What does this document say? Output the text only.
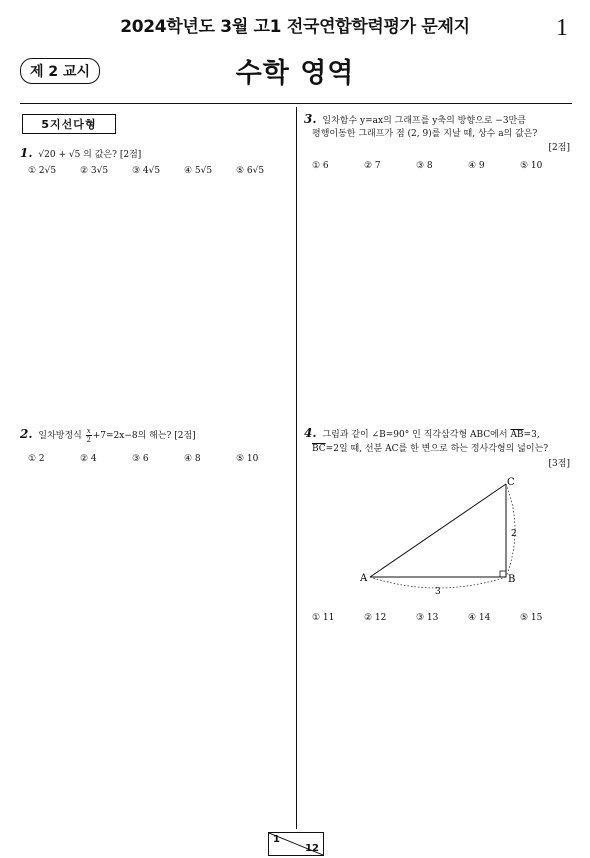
2024학년도 3월 고1 전국연합학력평가 문제지	1
제 2 교시	수학 영역
5지선다형
1. √20 + √5 의 값은? [2점]
① 2√5	② 3√5	③ 4√5	④ 5√5	⑤ 6√5
2. 일차방정식 $\frac{x}{2} +7=2x-8$의 해는? [2점]
① 2	② 4	③ 6	④ 8	⑤ 10
3. 일차함수 y=ax의 그래프를 y축의 방향으로 −3만큼
평행이동한 그래프가 점 (2, 9)를 지날 때, 상수 a의 값은?
[2점]
① 6	② 7	③ 8	④ 9	⑤ 10
4. 그림과 같이 ∠B=90° 인 직각삼각형 ABC에서 $\overline{AB}=3$,
$\overline{BC}=2$일 때, 선분 AC를 한 변으로 하는 정사각형의 넓이는?
[3점]
A	B
C
3
2
① 11	② 12	③ 13	④ 14	⑤ 15
1
12
